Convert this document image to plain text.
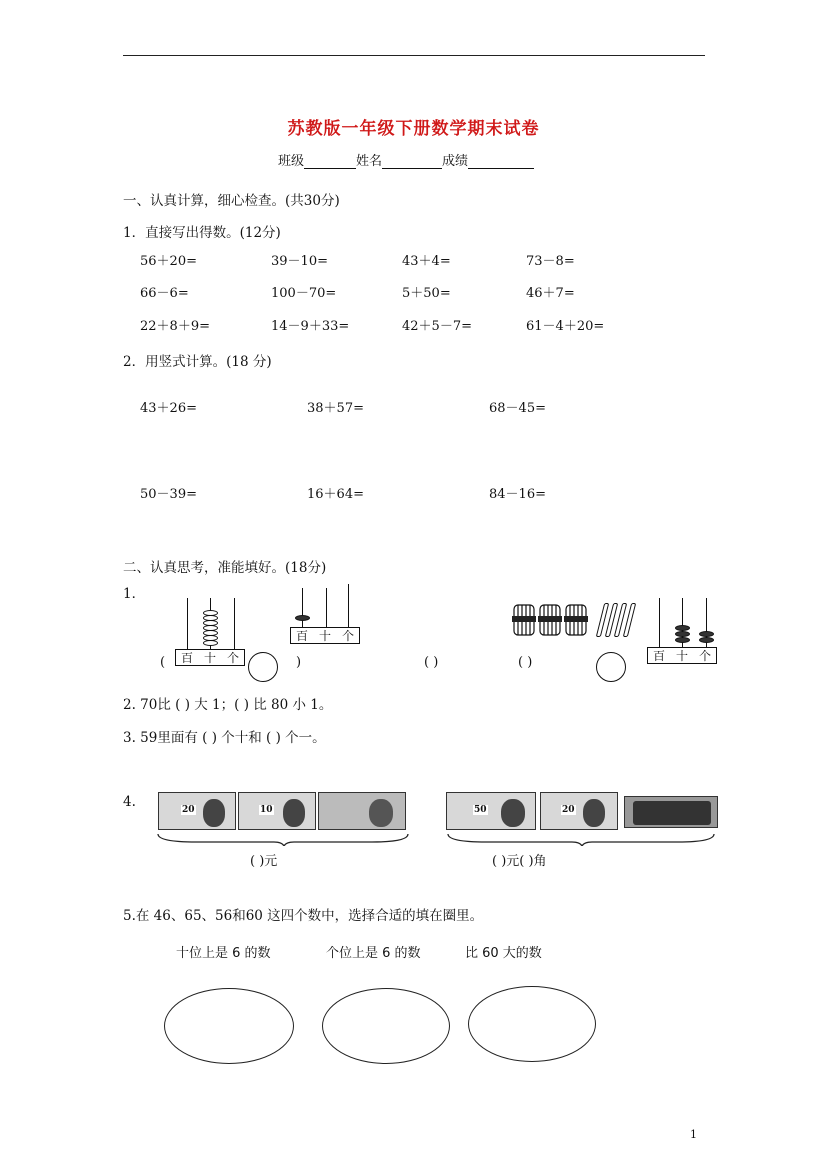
苏教版一年级下册数学期末试卷
班级	姓名	成绩
一、认真计算，细心检查。(共30分)
1．直接写出得数。(12分)
56＋20=	39－10=	43＋4=	73－8=
66－6=	100－70=	5＋50=	46＋7=
22＋8＋9=	14－9＋33=	42＋5－7=	61－4＋20=
2．用竖式计算。(18 分)
43＋26=	38＋57=	68－45=
50－39=	16＋64=	84－16=
二、认真思考，准能填好。(18分)
1．
百 十 个
(	)
百 十 个
( )	( )	百 十 个
2. 70比 ( ) 大 1；( ) 比 80 小 1。
3. 59里面有 ( ) 个十和 ( ) 个一。
4.	20	10
( )元
50	20
( )元( )角
5.在 46、65、56和60 这四个数中，选择合适的填在圈里。
十位上是 6 的数	个位上是 6 的数	比 60 大的数
1
